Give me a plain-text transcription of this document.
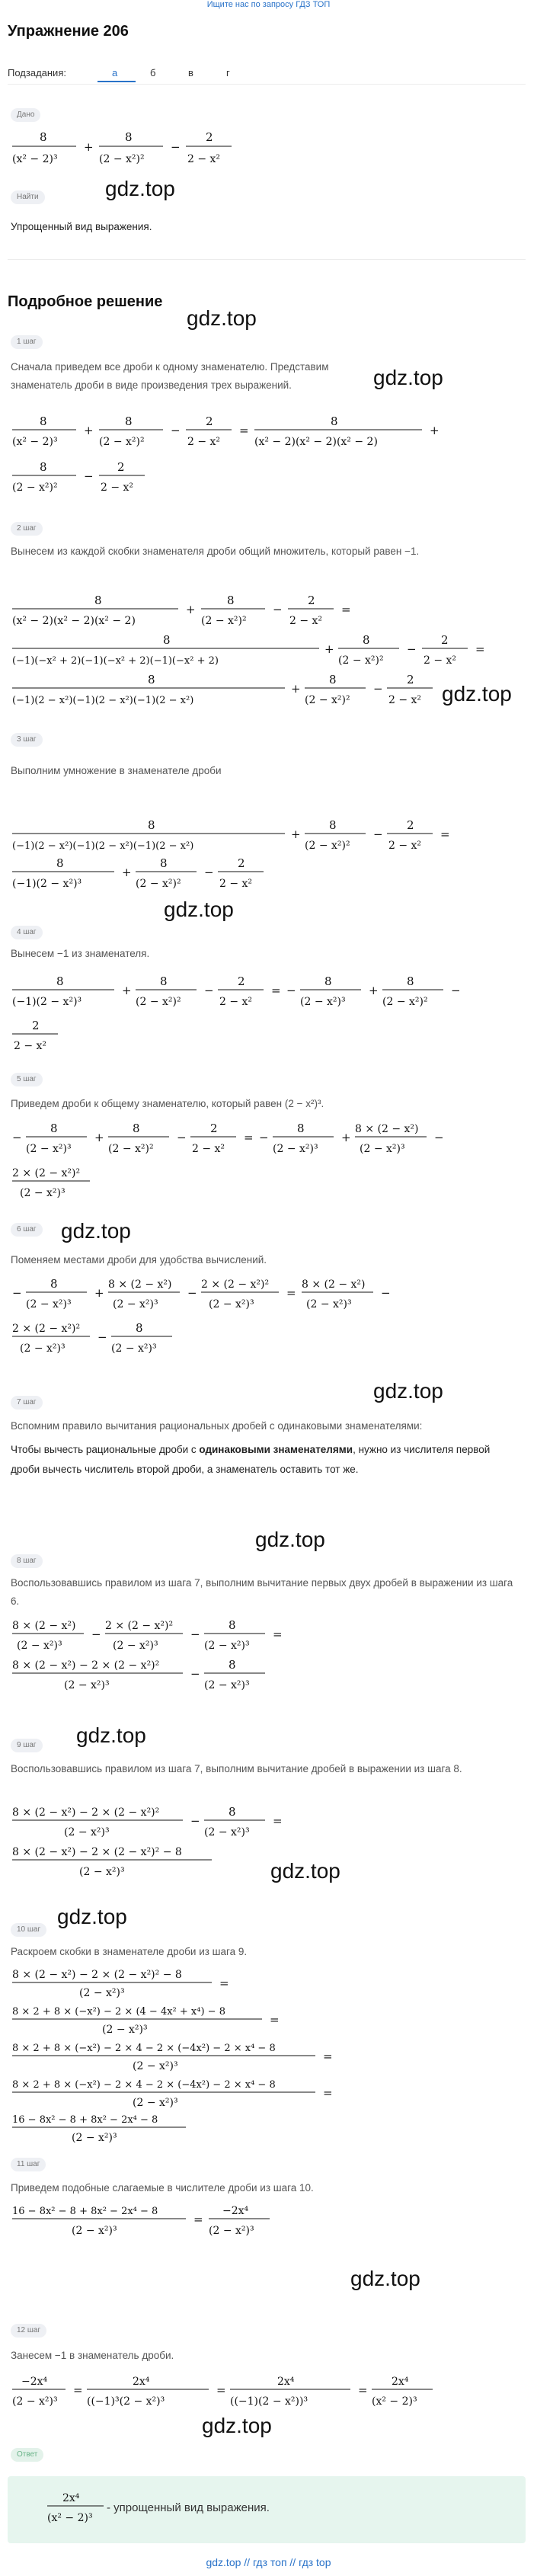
Ищите нас по запросу ГДЗ ТОП
Упражнение 206
Подзадания:	а	б	в	г
Дано
8
(x² − 2)³
+
8
(2 − x²)²
−
2
2 − x²
Найти	gdz.top
Упрощенный вид выражения.
Подробное решение
gdz.top
1 шаг
Сначала приведем все дроби к одному знаменателю. Представим знаменатель дроби в виде произведения трех выражений.	gdz.top
8
(x² − 2)³
+
8
(2 − x²)²
−
2
2 − x²
=
8
(x² − 2)(x² − 2)(x² − 2)
+
8
(2 − x²)²
−
2
2 − x²
2 шаг
Вынесем из каждой скобки знаменателя дроби общий множитель, который равен −1.
8
(x² − 2)(x² − 2)(x² − 2)
+
8
(2 − x²)²
−
2
2 − x²
=
8
(−1)(−x² + 2)(−1)(−x² + 2)(−1)(−x² + 2)
+
8
(2 − x²)²
−
2
2 − x²
=
8
(−1)(2 − x²)(−1)(2 − x²)(−1)(2 − x²)
+
8
(2 − x²)²
−
2
2 − x² gdz.top
3 шаг
Выполним умножение в знаменателе дроби
8
(−1)(2 − x²)(−1)(2 − x²)(−1)(2 − x²)
+
8
(2 − x²)²
−
2
2 − x²
=
8
(−1)(2 − x²)³
+
8
(2 − x²)²
−
2
2 − x²
gdz.top
4 шаг
Вынесем −1 из знаменателя.
8
(−1)(2 − x²)³
+
8
(2 − x²)²
−
2
2 − x²
= −
8
(2 − x²)³
+
8
(2 − x²)²
−
2
2 − x²
5 шаг
Приведем дроби к общему знаменателю, который равен (2 − x²)³.
−
8
(2 − x²)³
+
8
(2 − x²)²
−
2
2 − x²
= −
8
(2 − x²)³
+
8 × (2 − x²)
(2 − x²)³
−
2 × (2 − x²)²
(2 − x²)³
6 шаг gdz.top
Поменяем местами дроби для удобства вычислений.
−
8
(2 − x²)³
+
8 × (2 − x²)
(2 − x²)³
−
2 × (2 − x²)²
(2 − x²)³
=
8 × (2 − x²)
(2 − x²)³
−
2 × (2 − x²)²
(2 − x²)³
−
8
(2 − x²)³
gdz.top
7 шаг
Вспомним правило вычитания рациональных дробей с одинаковыми знаменателями:
Чтобы вычесть рациональные дроби с одинаковыми знаменателями, нужно из числителя первой дроби вычесть числитель второй дроби, а знаменатель оставить тот же.
gdz.top
8 шаг
Воспользовавшись правилом из шага 7, выполним вычитание первых двух дробей в выражении из шага 6.
8 × (2 − x²)
(2 − x²)³
−
2 × (2 − x²)²
(2 − x²)³
−
8
(2 − x²)³
=
8 × (2 − x²) − 2 × (2 − x²)²
(2 − x²)³
−
8
(2 − x²)³
gdz.top
9 шаг
Воспользовавшись правилом из шага 7, выполним вычитание дробей в выражении из шага 8.
8 × (2 − x²) − 2 × (2 − x²)²
(2 − x²)³
−
8
(2 − x²)³
=
8 × (2 − x²) − 2 × (2 − x²)² − 8
(2 − x²)³	gdz.top
gdz.top
10 шаг
Раскроем скобки в знаменателе дроби из шага 9.
8 × (2 − x²) − 2 × (2 − x²)² − 8
(2 − x²)³
=
8 × 2 + 8 × (−x²) − 2 × (4 − 4x² + x⁴) − 8
(2 − x²)³
=
8 × 2 + 8 × (−x²) − 2 × 4 − 2 × (−4x²) − 2 × x⁴ − 8
(2 − x²)³
=
8 × 2 + 8 × (−x²) − 2 × 4 − 2 × (−4x²) − 2 × x⁴ − 8
(2 − x²)³
=
16 − 8x² − 8 + 8x² − 2x⁴ − 8
(2 − x²)³
11 шаг
Приведем подобные слагаемые в числителе дроби из шага 10.
16 − 8x² − 8 + 8x² − 2x⁴ − 8
(2 − x²)³
=
−2x⁴
(2 − x²)³
gdz.top
12 шаг
Занесем −1 в знаменатель дроби.
−2x⁴
(2 − x²)³
=
2x⁴
((−1)³(2 − x²)³
=
2x⁴
((−1)(2 − x²))³
=
2x⁴
(x² − 2)³
gdz.top
Ответ
2x⁴
(x² − 2)³
- упрощенный вид выражения.
gdz.top // гдз топ // гдз top
